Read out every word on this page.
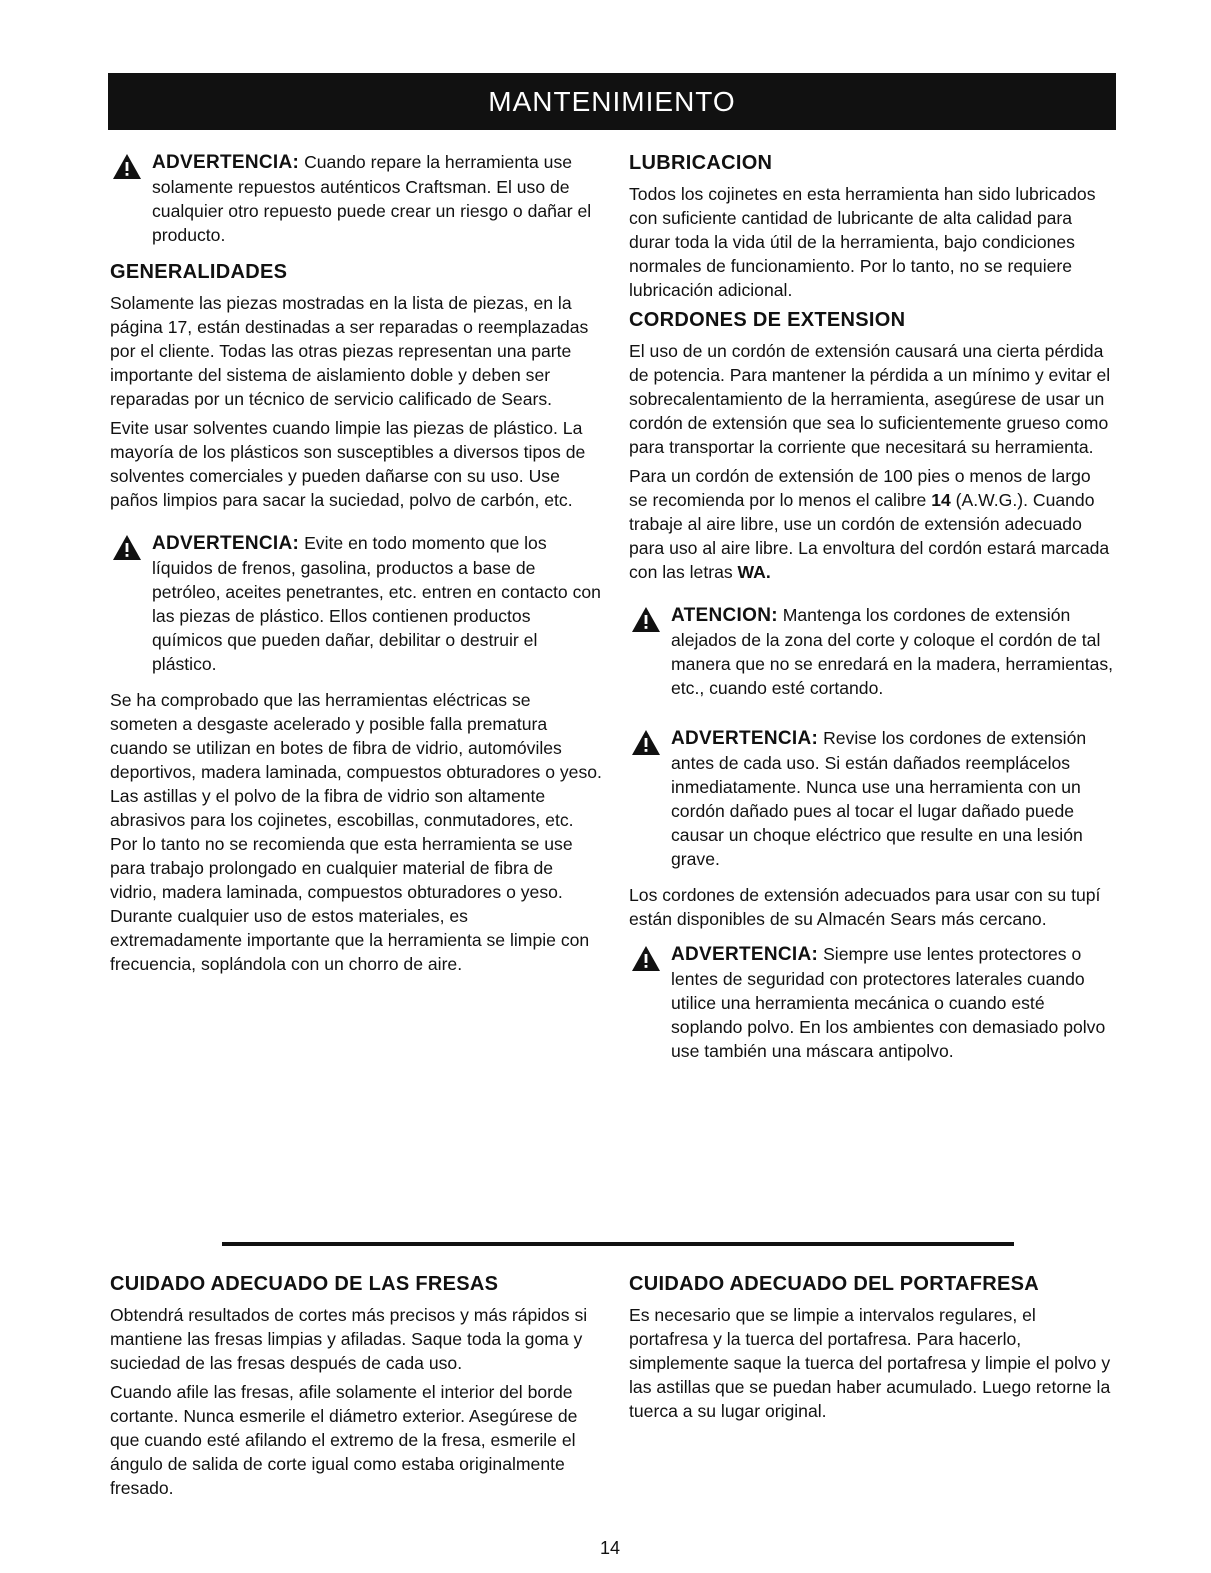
MANTENIMIENTO
ADVERTENCIA: Cuando repare la herramienta use solamente repuestos auténticos Craftsman. El uso de cualquier otro repuesto puede crear un riesgo o dañar el producto.
GENERALIDADES

Solamente las piezas mostradas en la lista de piezas, en la página 17, están destinadas a ser reparadas o reemplazadas por el cliente. Todas las otras piezas representan una parte importante del sistema de aislamiento doble y deben ser reparadas por un técnico de servicio calificado de Sears.

Evite usar solventes cuando limpie las piezas de plástico. La mayoría de los plásticos son susceptibles a diversos tipos de solventes comerciales y pueden dañarse con su uso. Use paños limpios para sacar la suciedad, polvo de carbón, etc.

ADVERTENCIA: Evite en todo momento que los líquidos de frenos, gasolina, productos a base de petróleo, aceites penetrantes, etc. entren en contacto con las piezas de plástico. Ellos contienen productos químicos que pueden dañar, debilitar o destruir el plástico.

Se ha comprobado que las herramientas eléctricas se someten a desgaste acelerado y posible falla prematura cuando se utilizan en botes de fibra de vidrio, automóviles deportivos, madera laminada, compuestos obturadores o yeso. Las astillas y el polvo de la fibra de vidrio son altamente abrasivos para los cojinetes, escobillas, conmutadores, etc. Por lo tanto no se recomienda que esta herramienta se use para trabajo prolongado en cualquier material de fibra de vidrio, madera laminada, compuestos obturadores o yeso. Durante cualquier uso de estos materiales, es extremadamente importante que la herramienta se limpie con frecuencia, soplándola con un chorro de aire.

LUBRICACION

Todos los cojinetes en esta herramienta han sido lubricados con suficiente cantidad de lubricante de alta calidad para durar toda la vida útil de la herramienta, bajo condiciones normales de funcionamiento. Por lo tanto, no se requiere lubricación adicional.

CORDONES DE EXTENSION

El uso de un cordón de extensión causará una cierta pérdida de potencia. Para mantener la pérdida a un mínimo y evitar el sobrecalentamiento de la herramienta, asegúrese de usar un cordón de extensión que sea lo suficientemente grueso como para transportar la corriente que necesitará su herramienta.

Para un cordón de extensión de 100 pies o menos de largo se recomienda por lo menos el calibre 14 (A.W.G.). Cuando trabaje al aire libre, use un cordón de extensión adecuado para uso al aire libre. La envoltura del cordón estará marcada con las letras WA.

ATENCION: Mantenga los cordones de extensión alejados de la zona del corte y coloque el cordón de tal manera que no se enredará en la madera, herramientas, etc., cuando esté cortando.
ADVERTENCIA: Revise los cordones de extensión antes de cada uso. Si están dañados reemplácelos inmediatamente. Nunca use una herramienta con un cordón dañado pues al tocar el lugar dañado puede causar un choque eléctrico que resulte en una lesión grave.

Los cordones de extensión adecuados para usar con su tupí están disponibles de su Almacén Sears más cercano.

ADVERTENCIA: Siempre use lentes protectores o lentes de seguridad con protectores laterales cuando utilice una herramienta mecánica o cuando esté soplando polvo. En los ambientes con demasiado polvo use también una máscara antipolvo.
CUIDADO ADECUADO DE LAS FRESAS

Obtendrá resultados de cortes más precisos y más rápidos si mantiene las fresas limpias y afiladas. Saque toda la goma y suciedad de las fresas después de cada uso.

Cuando afile las fresas, afile solamente el interior del borde cortante. Nunca esmerile el diámetro exterior. Asegúrese de que cuando esté afilando el extremo de la fresa, esmerile el ángulo de salida de corte igual como estaba originalmente fresado.

CUIDADO ADECUADO DEL PORTAFRESA

Es necesario que se limpie a intervalos regulares, el portafresa y la tuerca del portafresa. Para hacerlo, simplemente saque la tuerca del portafresa y limpie el polvo y las astillas que se puedan haber acumulado. Luego retorne la tuerca a su lugar original.

14
